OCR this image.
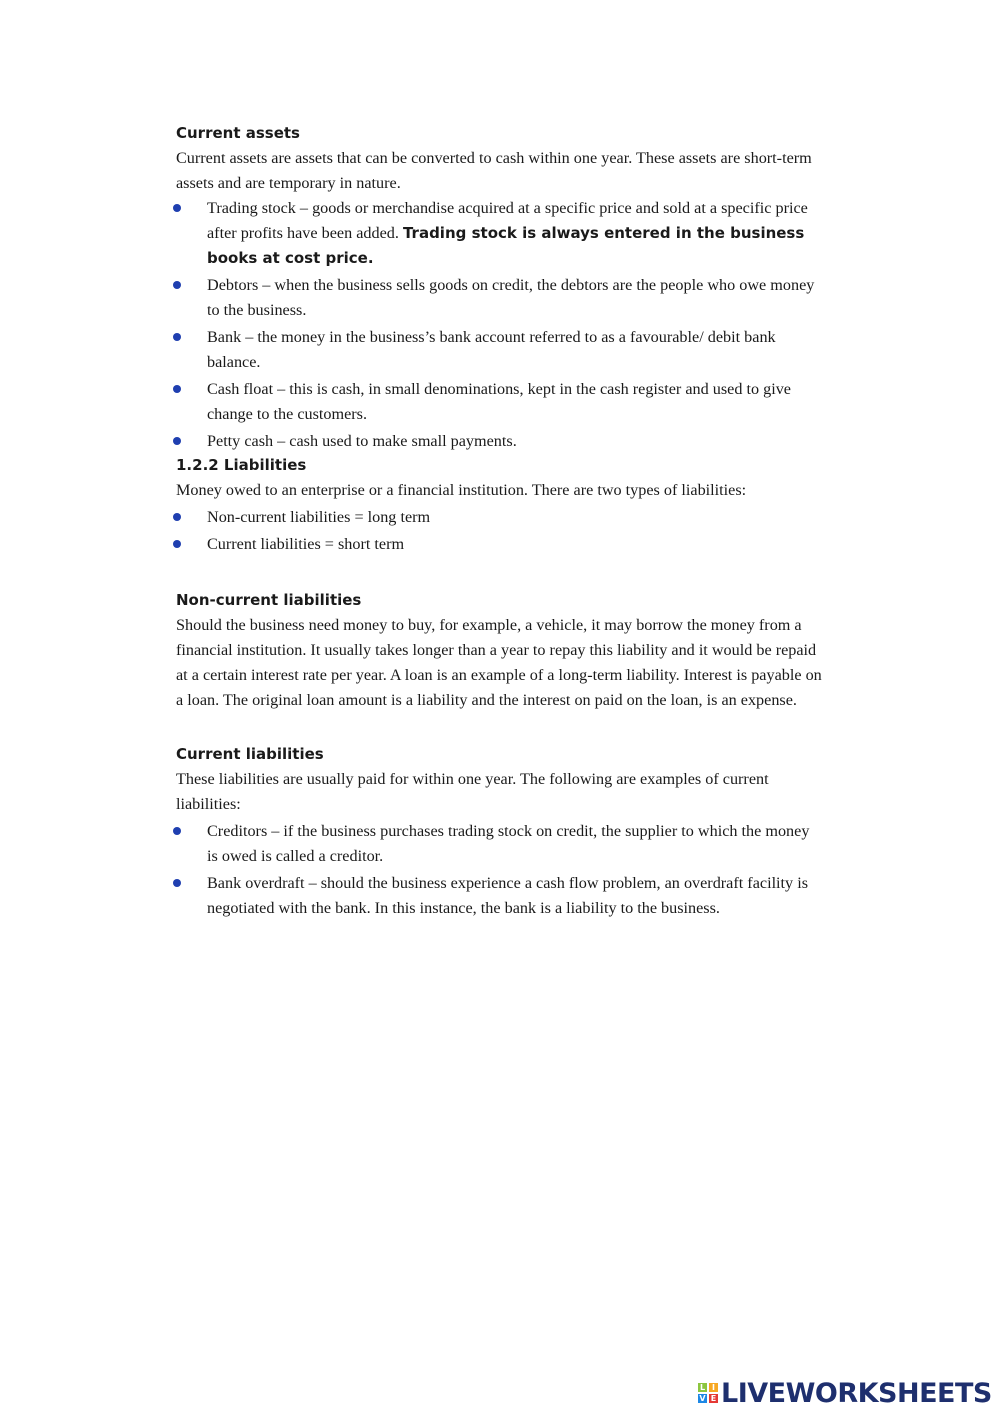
Current assets

Current assets are assets that can be converted to cash within one year. These assets are short-term assets and are temporary in nature.

Trading stock – goods or merchandise acquired at a specific price and sold at a specific price after profits have been added. Trading stock is always entered in the business books at cost price.
Debtors – when the business sells goods on credit, the debtors are the people who owe money to the business.
Bank – the money in the business’s bank account referred to as a favourable/ debit bank balance.
Cash float – this is cash, in small denominations, kept in the cash register and used to give change to the customers.
Petty cash – cash used to make small payments.
1.2.2 Liabilities

Money owed to an enterprise or a financial institution. There are two types of liabilities:

Non-current liabilities = long term
Current liabilities = short term
Non-current liabilities

Should the business need money to buy, for example, a vehicle, it may borrow the money from a financial institution. It usually takes longer than a year to repay this liability and it would be repaid at a certain interest rate per year. A loan is an example of a long-term liability. Interest is payable on a loan. The original loan amount is a liability and the interest on paid on the loan, is an expense.

Current liabilities

These liabilities are usually paid for within one year. The following are examples of current liabilities:

Creditors – if the business purchases trading stock on credit, the supplier to which the money is owed is called a creditor.
Bank overdraft – should the business experience a cash flow problem, an overdraft facility is negotiated with the bank. In this instance, the bank is a liability to the business.
L I
V E LIVEWORKSHEETS
